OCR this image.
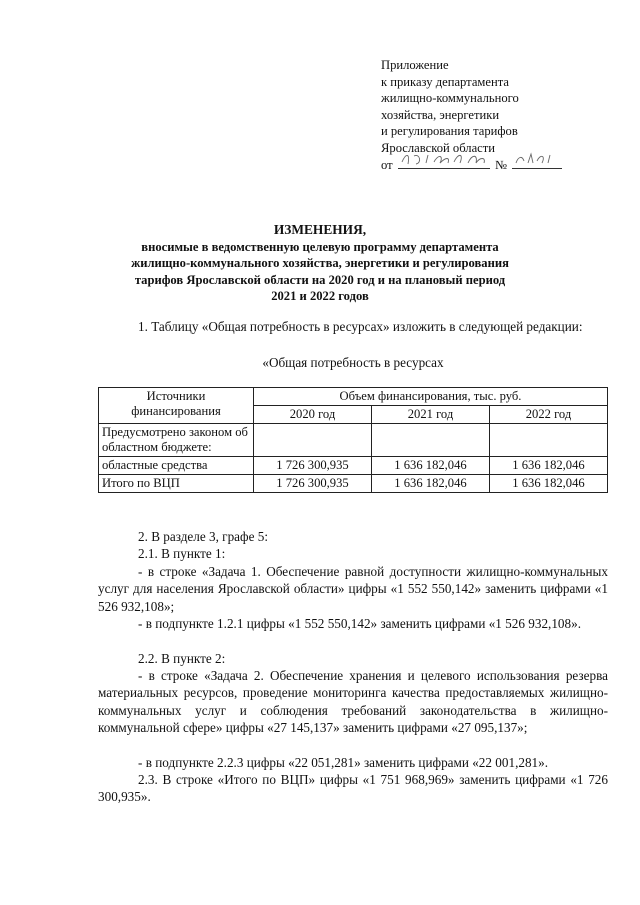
Приложение
к приказу департамента
жилищно-коммунального
хозяйства, энергетики
и регулирования тарифов
Ярославской области
от	№
ИЗМЕНЕНИЯ,
вносимые в ведомственную целевую программу департамента
жилищно-коммунального хозяйства, энергетики и регулирования
тарифов Ярославской области на 2020 год и на плановый период
2021 и 2022 годов
1. Таблицу «Общая потребность в ресурсах» изложить в следующей редакции:
«Общая потребность в ресурсах
Источники финансирования	Объем финансирования, тыс. руб.		
	2020 год	2021 год	2022 год
Предусмотрено законом об областном бюджете:			
областные средства	1 726 300,935	1 636 182,046	1 636 182,046
Итого по ВЦП	1 726 300,935	1 636 182,046	1 636 182,046
2. В разделе 3, графе 5:
2.1. В пункте 1:
- в строке «Задача 1. Обеспечение равной доступности жилищно-коммунальных услуг для населения Ярославской области» цифры «1 552 550,142» заменить цифрами «1 526 932,108»;
- в подпункте 1.2.1 цифры «1 552 550,142» заменить цифрами «1 526 932,108».
2.2. В пункте 2:
- в строке «Задача 2. Обеспечение хранения и целевого использования резерва материальных ресурсов, проведение мониторинга качества предоставляемых жилищно-коммунальных услуг и соблюдения требований законодательства в жилищно-коммунальной сфере» цифры «27 145,137» заменить цифрами «27 095,137»;
- в подпункте 2.2.3 цифры «22 051,281» заменить цифрами «22 001,281».
2.3. В строке «Итого по ВЦП» цифры «1 751 968,969» заменить цифрами «1 726 300,935».
